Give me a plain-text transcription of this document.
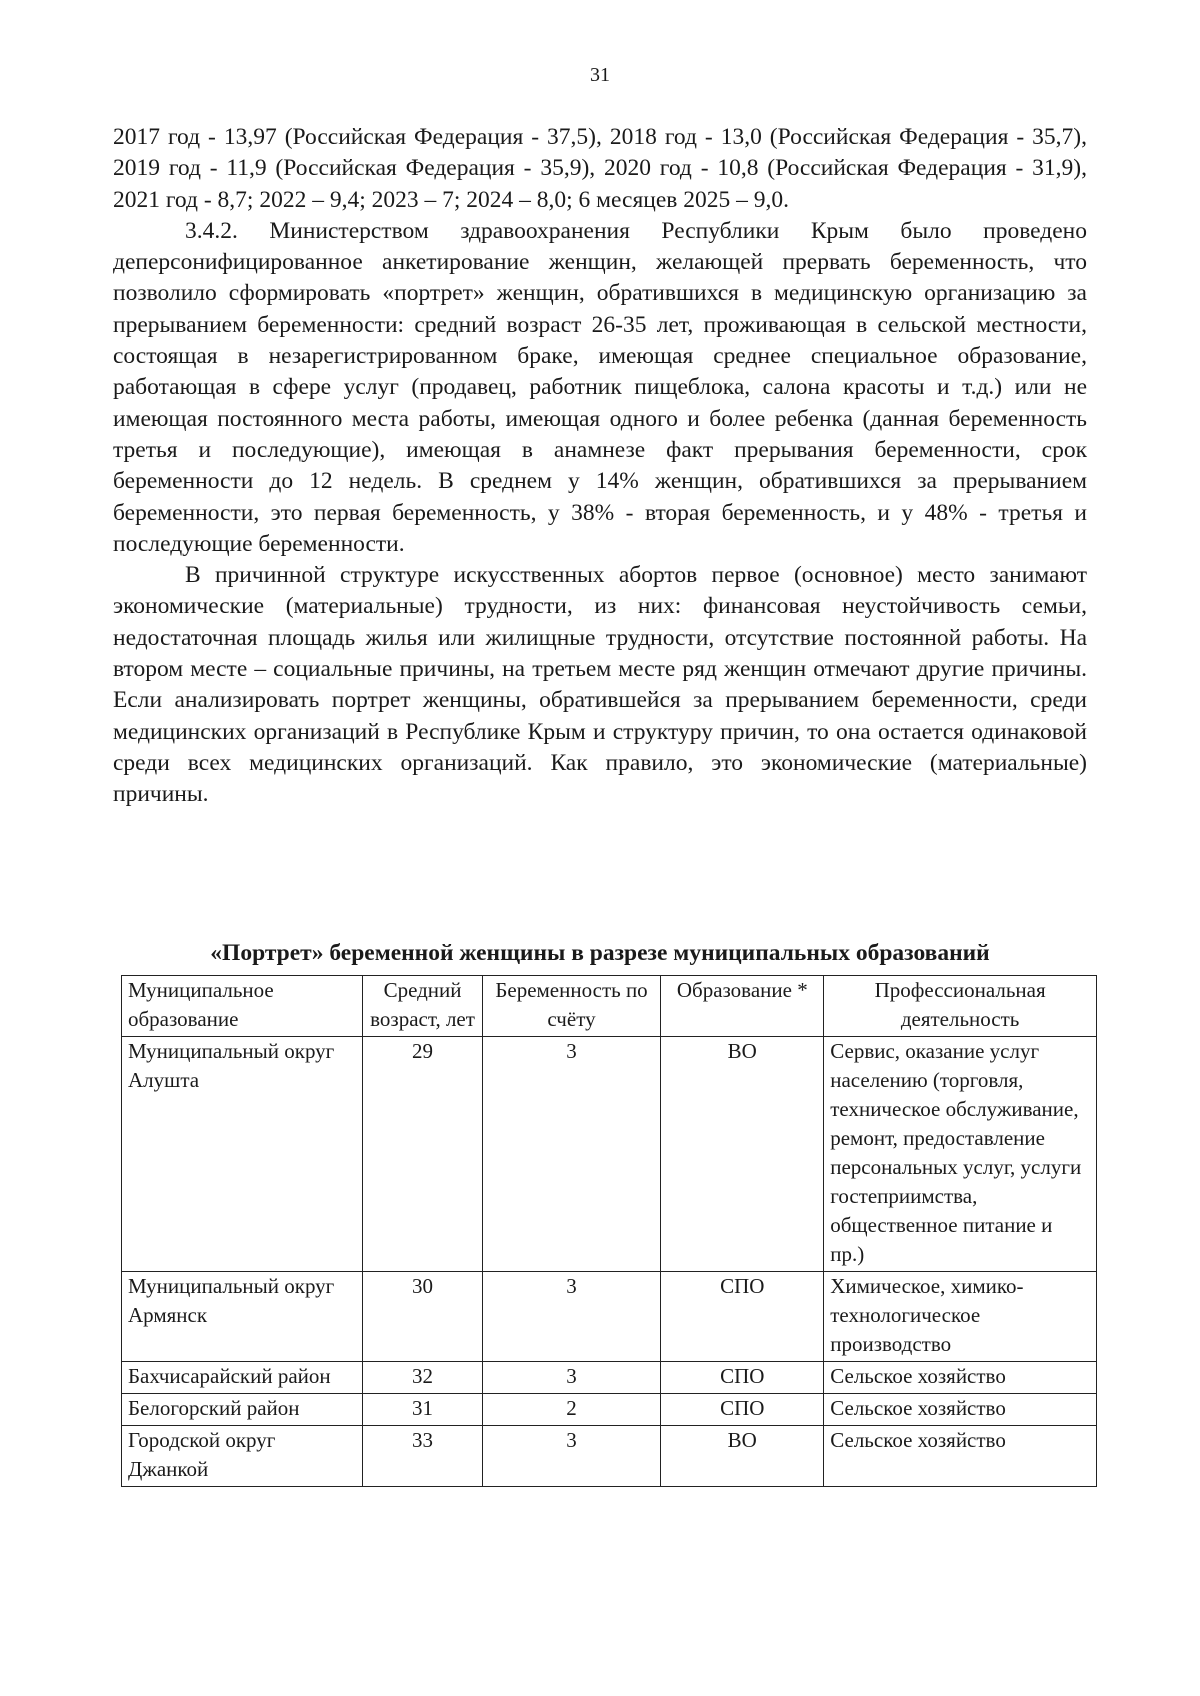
31

2017 год - 13,97 (Российская Федерация - 37,5), 2018 год - 13,0 (Российская Федерация - 35,7), 2019 год - 11,9 (Российская Федерация - 35,9), 2020 год - 10,8 (Российская Федерация - 31,9), 2021 год - 8,7; 2022 – 9,4; 2023 – 7; 2024 – 8,0; 6 месяцев 2025 – 9,0.

3.4.2. Министерством здравоохранения Республики Крым было проведено деперсонифицированное анкетирование женщин, желающей прервать беременность, что позволило сформировать «портрет» женщин, обратившихся в медицинскую организацию за прерыванием беременности: средний возраст 26-35 лет, проживающая в сельской местности, состоящая в незарегистрированном браке, имеющая среднее специальное образование, работающая в сфере услуг (продавец, работник пищеблока, салона красоты и т.д.) или не имеющая постоянного места работы, имеющая одного и более ребенка (данная беременность третья и последующие), имеющая в анамнезе факт прерывания беременности, срок беременности до 12 недель. В среднем у 14% женщин, обратившихся за прерыванием беременности, это первая беременность, у 38% - вторая беременность, и у 48% - третья и последующие беременности.

В причинной структуре искусственных абортов первое (основное) место занимают экономические (материальные) трудности, из них: финансовая неустойчивость семьи, недостаточная площадь жилья или жилищные трудности, отсутствие постоянной работы. На втором месте – социальные причины, на третьем месте ряд женщин отмечают другие причины. Если анализировать портрет женщины, обратившейся за прерыванием беременности, среди медицинских организаций в Республике Крым и структуру причин, то она остается одинаковой среди всех медицинских организаций. Как правило, это экономические (материальные) причины.

«Портрет» беременной женщины в разрезе муниципальных образований
Муниципальное образование	Средний возраст, лет	Беременность по счёту	Образование *	Профессиональная деятельность
Муниципальный округ Алушта	29	3	ВО	Сервис, оказание услуг населению (торговля, техническое обслуживание, ремонт, предоставление персональных услуг, услуги гостеприимства, общественное питание и пр.)
Муниципальный округ Армянск	30	3	СПО	Химическое, химико-технологическое производство
Бахчисарайский район	32	3	СПО	Сельское хозяйство
Белогорский район	31	2	СПО	Сельское хозяйство
Городской округ Джанкой	33	3	ВО	Сельское хозяйство
